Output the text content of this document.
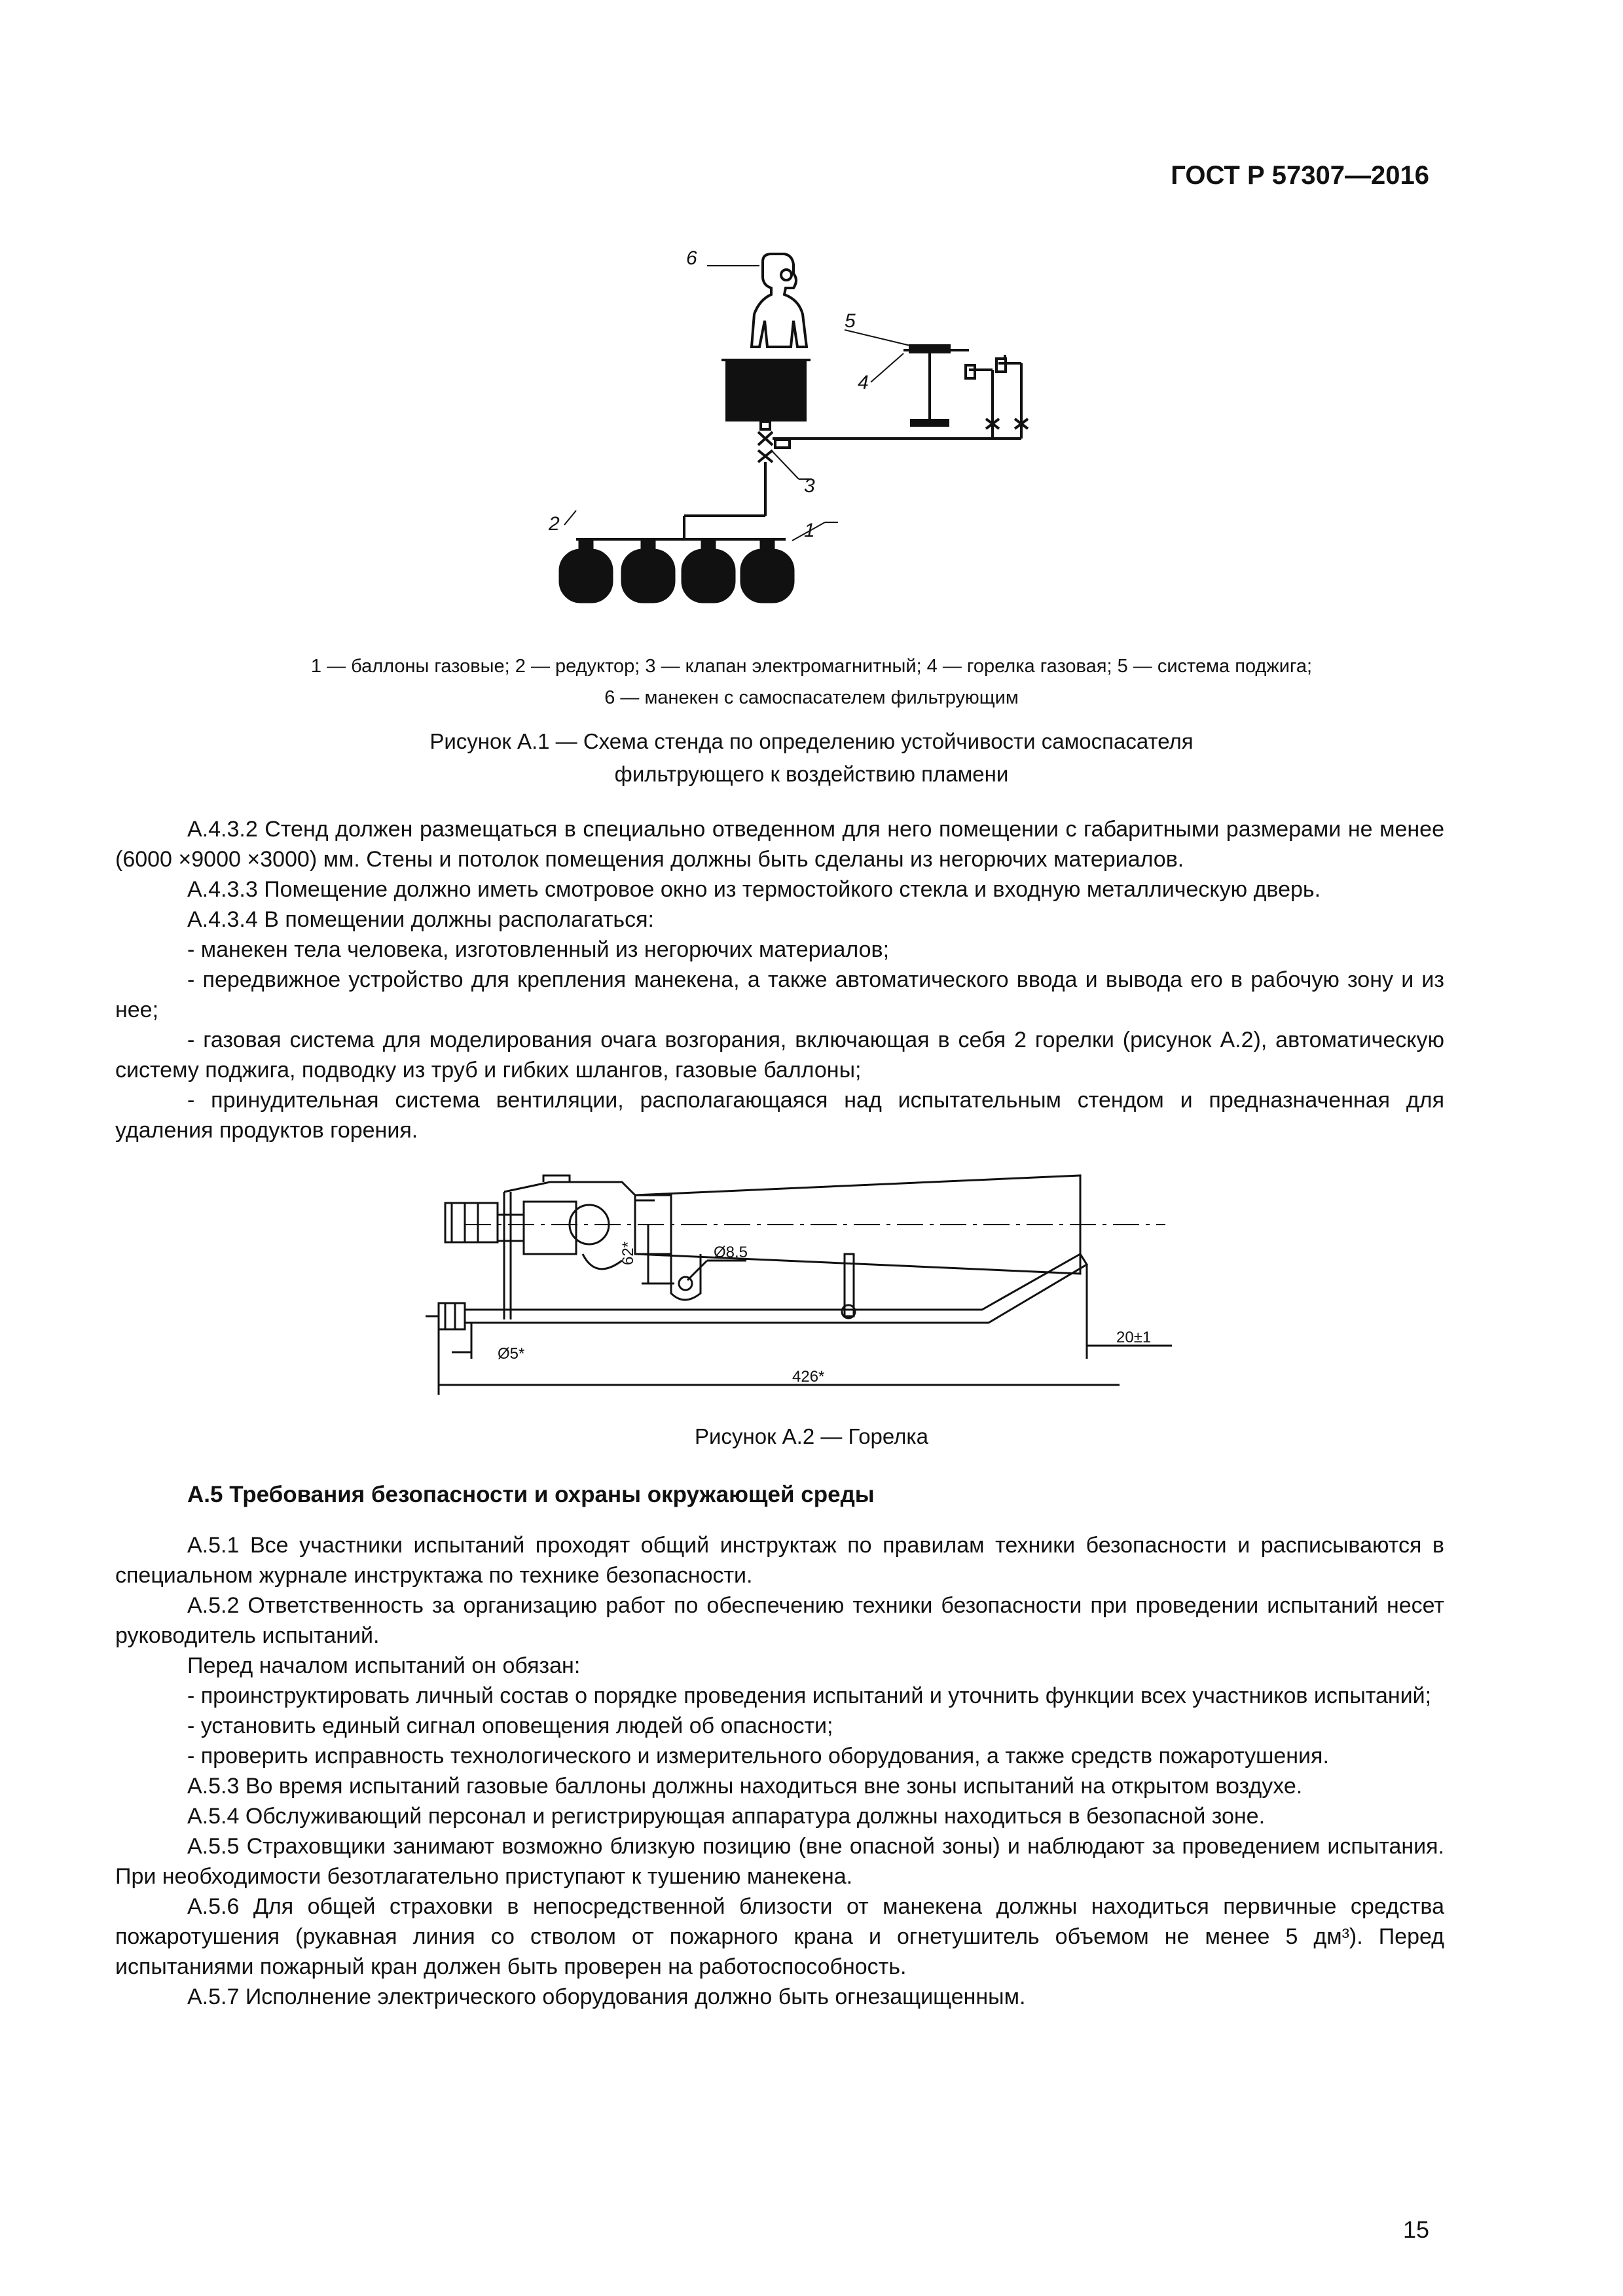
ГОСТ Р 57307—2016
1
2
3
4
5
6
1 — баллоны газовые; 2 — редуктор; 3 — клапан электромагнитный; 4 — горелка газовая; 5 — система поджига;
6 — манекен с самоспасателем фильтрующим
Рисунок А.1 — Схема стенда по определению устойчивости самоспасателя
фильтрующего к воздействию пламени

А.4.3.2 Стенд должен размещаться в специально отведенном для него помещении с габаритными размерами не менее (6000 ×9000 ×3000) мм. Стены и потолок помещения должны быть сделаны из негорючих материалов.

А.4.3.3 Помещение должно иметь смотровое окно из термостойкого стекла и входную металлическую дверь.

А.4.3.4 В помещении должны располагаться:

- манекен тела человека, изготовленный из негорючих материалов;

- передвижное устройство для крепления манекена, а также автоматического ввода и вывода его в рабочую зону и из нее;

- газовая система для моделирования очага возгорания, включающая в себя 2 горелки (рисунок А.2), автоматическую систему поджига, подводку из труб и гибких шлангов, газовые баллоны;

- принудительная система вентиляции, располагающаяся над испытательным стендом и предназначенная для удаления продуктов горения.

62*	Ø8,5
Ø5*
20±1
426*
Рисунок А.2 — Горелка
А.5 Требования безопасности и охраны окружающей среды

А.5.1 Все участники испытаний проходят общий инструктаж по правилам техники безопасности и расписываются в специальном журнале инструктажа по технике безопасности.

А.5.2 Ответственность за организацию работ по обеспечению техники безопасности при проведении испытаний несет руководитель испытаний.

Перед началом испытаний он обязан:

- проинструктировать личный состав о порядке проведения испытаний и уточнить функции всех участников испытаний;

- установить единый сигнал оповещения людей об опасности;

- проверить исправность технологического и измерительного оборудования, а также средств пожаротушения.

А.5.3 Во время испытаний газовые баллоны должны находиться вне зоны испытаний на открытом воздухе.

А.5.4 Обслуживающий персонал и регистрирующая аппаратура должны находиться в безопасной зоне.

А.5.5 Страховщики занимают возможно близкую позицию (вне опасной зоны) и наблюдают за проведением испытания. При необходимости безотлагательно приступают к тушению манекена.

А.5.6 Для общей страховки в непосредственной близости от манекена должны находиться первичные средства пожаротушения (рукавная линия со стволом от пожарного крана и огнетушитель объемом не менее 5 дм³). Перед испытаниями пожарный кран должен быть проверен на работоспособность.

А.5.7 Исполнение электрического оборудования должно быть огнезащищенным.

15
